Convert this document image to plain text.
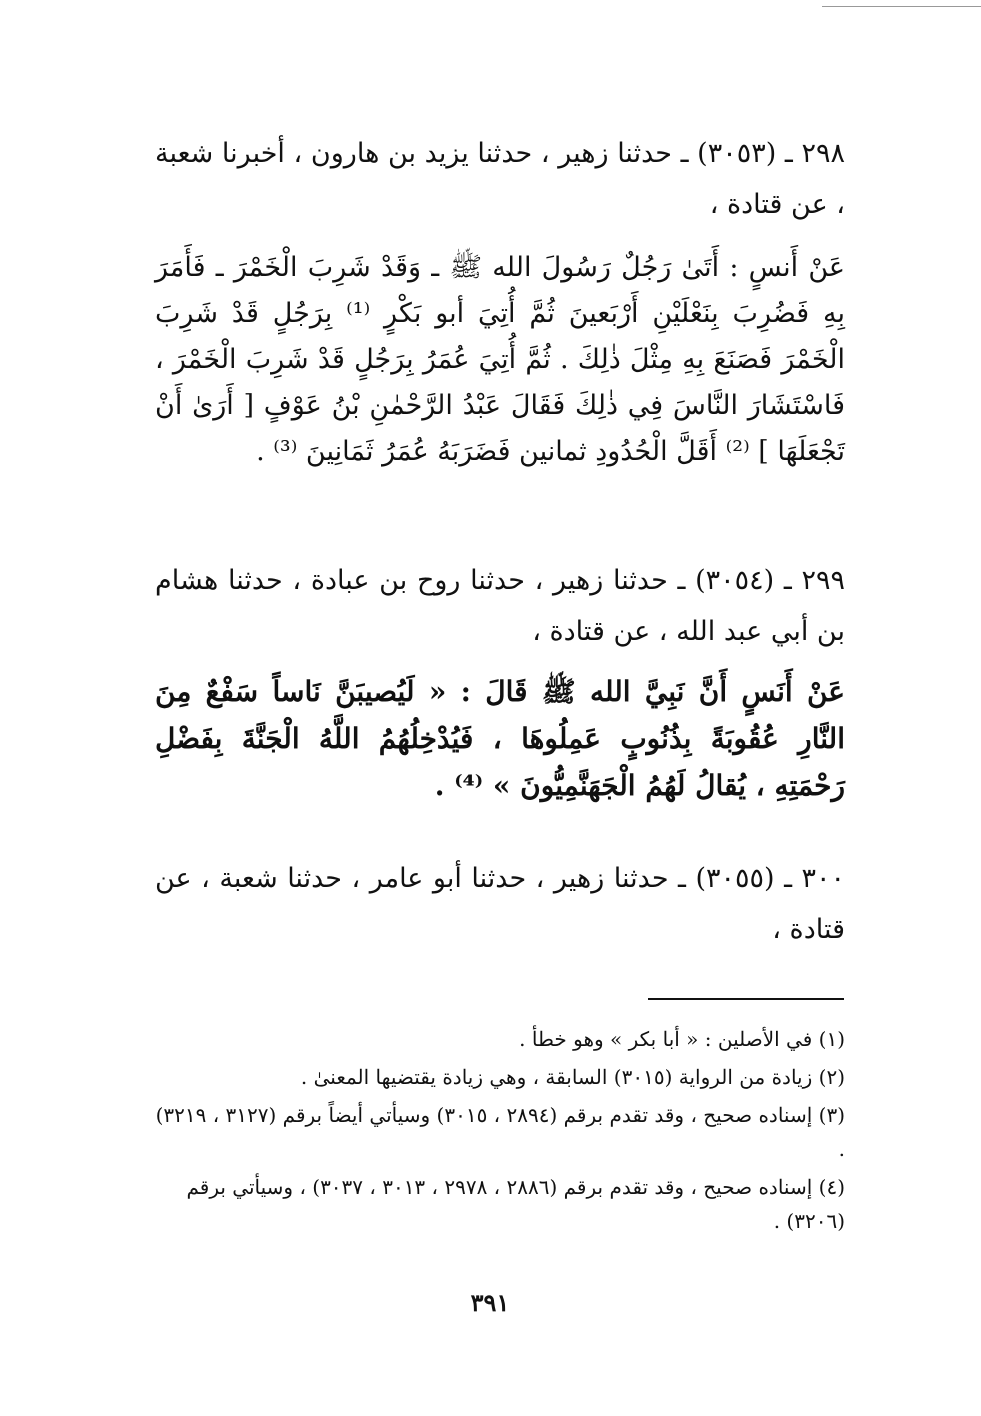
٢٩٨ ـ (٣٠٥٣) ـ حدثنا زهير ، حدثنا يزيد بن هارون ، أخبرنا شعبة ، عن قتادة ،

عَنْ أَنسٍ : أَتَىٰ رَجُلٌ رَسُولَ الله ﷺ ـ وَقَدْ شَرِبَ الْخَمْرَ ـ فَأَمَرَ بِهِ فَضُرِبَ بِنَعْلَيْنِ أَرْبَعينَ ثُمَّ أُتِيَ أبو بَكْرٍ ⁽¹⁾ بِرَجُلٍ قَدْ شَرِبَ الْخَمْرَ فَصَنَعَ بِهِ مِثْلَ ذٰلِكَ . ثُمَّ أُتِيَ عُمَرُ بِرَجُلٍ قَدْ شَرِبَ الْخَمْرَ ، فَاسْتَشَارَ النَّاسَ فِي ذٰلِكَ فَقَالَ عَبْدُ الرَّحْمٰنِ بْنُ عَوْفٍ [ أَرَىٰ أَنْ تَجْعَلَهَا ] ⁽²⁾ أَقَلَّ الْحُدُودِ ثمانين فَضَرَبَهُ عُمَرُ ثَمَانِينَ ⁽³⁾ .

٢٩٩ ـ (٣٠٥٤) ـ حدثنا زهير ، حدثنا روح بن عبادة ، حدثنا هشام بن أبي عبد الله ، عن قتادة ،

عَنْ أَنَسٍ أَنَّ نَبِيَّ الله ﷺ قَالَ : « لَيُصيبَنَّ نَاساً سَفْعٌ مِنَ النَّارِ عُقُوبَةً بِذُنُوبٍ عَمِلُوهَا ، فَيُدْخِلُهُمُ اللَّهُ الْجَنَّةَ بِفَضْلِ رَحْمَتِهِ ، يُقالُ لَهُمُ الْجَهَنَّمِيُّونَ » ⁽⁴⁾ .

٣٠٠ ـ (٣٠٥٥) ـ حدثنا زهير ، حدثنا أبو عامر ، حدثنا شعبة ، عن قتادة ،

(١) في الأصلين : « أبا بكر » وهو خطأ .

(٢) زيادة من الرواية (٣٠١٥) السابقة ، وهي زيادة يقتضيها المعنىٰ .

(٣) إسناده صحيح ، وقد تقدم برقم (٢٨٩٤ ، ٣٠١٥) وسيأتي أيضاً برقم (٣١٢٧ ، ٣٢١٩) .

(٤) إسناده صحيح ، وقد تقدم برقم (٢٨٨٦ ، ٢٩٧٨ ، ٣٠١٣ ، ٣٠٣٧) ، وسيأتي برقم (٣٢٠٦) .

٣٩١
